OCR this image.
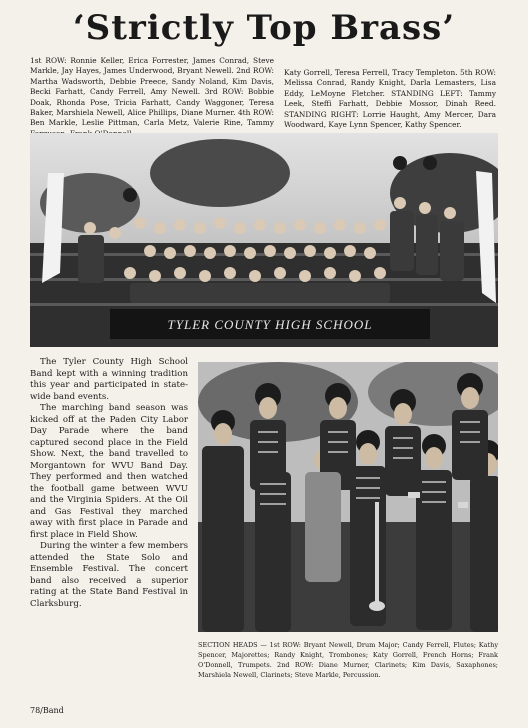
‘Strictly Top Brass’
1st ROW: Ronnie Keller, Erica Forrester, James Conrad, Steve Markle, Jay Hayes, James Underwood, Bryant Newell. 2nd ROW: Martha Wadsworth, Debbie Preece, Sandy Noland, Kim Davis, Becki Farhatt, Candy Ferrell, Amy Newell. 3rd ROW: Bobbie Doak, Rhonda Pose, Tricia Farhatt, Candy Waggoner, Teresa Baker, Marshiela Newell, Alice Phillips, Diane Murner. 4th ROW: Ben Markle, Leslie Pittman, Carla Metz, Valerie Rine, Tammy
Katy Gorrell, Teresa Ferrell, Tracy Templeton. 5th ROW: Melissa Conrad, Randy Knight, Darla Lemasters, Lisa Eddy, LeMoyne Fletcher. STANDING LEFT: Tammy Leek, Steffi Farhatt, Debbie Mossor, Dinah Reed. STANDING RIGHT: Lorrie Haught, Amy Mercer, Dara Woodward, Kaye Lynn Spencer, Kathy Spencer.
TYLER COUNTY HIGH SCHOOL

The Tyler County High School Band kept with a winning tradition this year and participated in state-wide band events.

The marching band season was kicked off at the Paden City Labor Day Parade where the band captured second place in the Field Show. Next, the band travelled to Morgantown for WVU Band Day. They performed and then watched the football game between WVU and the Virginia Spiders. At the Oil and Gas Festival they marched away with first place in Parade and first place in Field Show.

During the winter a few members attended the State Solo and Ensemble Festival. The concert band also received a superior rating at the State Band Festival in Clarksburg.

SECTION HEADS — 1st ROW: Bryant Newell, Drum Major; Candy Ferrell, Flutes; Kathy Spencer, Majorettes; Randy Knight, Trombones; Katy Gorrell, French Horns; Frank O'Donnell, Trumpets. 2nd ROW: Diane Murner, Clarinets; Kim Davis, Saxaphones; Marshiela Newell, Clarinets; Steve Markle, Percussion.
78/Band
